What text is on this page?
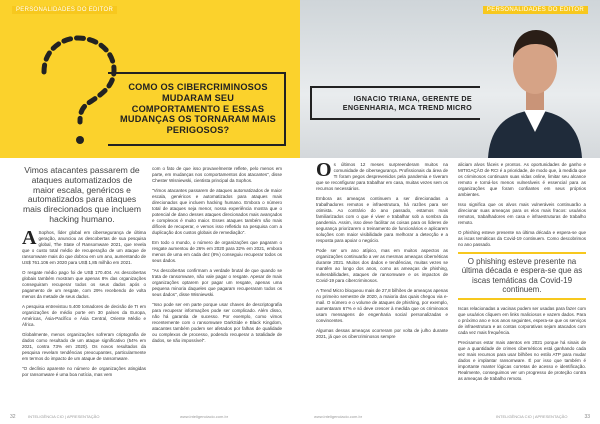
PERSONALIDADES DO EDITOR
COMO OS CIBERCRIMINOSOS MUDARAM SEU COMPORTAMENTO E ESSAS MUDANÇAS OS TORNARAM MAIS PERIGOSOS?
Vimos atacantes passarem de ataques automatizados de maior escala, genéricos e automatizados para ataques mais direcionados que incluem hacking humano.

A Sophos, líder global em cibersegurança de última geração, anunciou as descobertas de sua pesquisa global, The State of Ransomware 2021, que revela que o custo total médio de recuperação de um ataque de ransomware mais do que dobrou em um ano, aumentando de US$ 761.106 em 2020 para US$ 1,85 milhão em 2021.

O resgate médio pago foi de US$ 170.404. As descobertas globais também mostram que apenas 8% das organizações conseguiram recuperar todos os seus dados após o pagamento de um resgate, com 29% recebendo de volta menos da metade de seus dados.

A pesquisa entrevistou 5.400 tomadores de decisão de TI em organizações de médio porte em 30 países da Europa, Américas, Ásia-Pacífico e Ásia Central, Oriente Médio e África.

Globalmente, menos organizações sofreram criptografia de dados como resultado de um ataque significativo (54% em 2021, contra 73% em 2020). Os novos resultados da pesquisa revelam tendências preocupantes, particularmente em termos do impacto de um ataque de ransomware.

"O declínio aparente no número de organizações atingidas por ransomware é uma boa notícia, mas vem

com o fato de que isso provavelmente reflete, pelo menos em parte, em mudanças nos comportamentos dos atacantes", disse Chester Wisniewski, cientista principal da Sophos.

"Vimos atacantes passarem de ataques automatizados de maior escala, genéricos e automatizados para ataques mais direcionados que incluem hacking humano. Embora o número total de ataques seja menor, nossa experiência mostra que o potencial de dano desses ataques direcionados mais avançados e complexos é muito maior. Esses ataques também são mais difíceis de recuperar, e vemos isso refletido na pesquisa com a duplicação dos custos globais de remediação".

Em todo o mundo, o número de organizações que pagaram o resgate aumentou de 26% em 2020 para 32% em 2021, embora menos de uma em cada dez (8%) conseguiu recuperar todos os seus dados.

"As descobertas confirmam a verdade brutal de que quando se trata de ransomware, não vale pagar o resgate. Apesar de mais organizações optarem por pagar um resgate, apenas uma pequena minoria daqueles que pagaram recuperaram todos os seus dados", disse Wisniewski.

"Isso pode ser em parte porque usar chaves de descriptografia para recuperar informações pode ser complicado. Além disso, não há garantia de sucesso. Por exemplo, como vimos recentemente com o ransomware DarkSide e Black Kingdom, atacantes também podem ser afetados por falhas de qualidade ou complexos de processo, podendo recuperar a totalidade de dados, se não impossível".

32	INTELIGÊNCIA CIO | APRESENTAÇÃO	www.inteligenciacio.com.br
PERSONALIDADES DO EDITOR
IGNACIO TRIANA, GERENTE DE ENGENHARIA, MCA TREND MICRO

Os últimos 12 meses surpreenderam muitos na comunidade de cibersegurança. Profissionais da área de TI foram pegos desprevenidos pela pandemia e tiveram que se reconfigurar para trabalhar em casa, muitas vezes sem os recursos necessários.

Embora as ameaças continuem a ser direcionadas a trabalhadores remotos e infraestrutura, há razões para ser otimista. Ao contrário do ano passado, estamos mais familiarizados com o que é viver e trabalhar sob a sombra da pandemia. Assim, isso deve facilitar as coisas para os líderes de segurança priorizarem o treinamento de funcionários e aplicarem soluções com maior visibilidade para melhorar a detecção e a resposta para apoiar o negócio.

Pode ser um ano atípico, mas em muitos aspectos as organizações continuarão a ver as mesmas ameaças cibernéticas durante 2021. Muitos dos dados e tendências, muitas vezes se mantêm ao longo dos anos, como as ameaças de phishing, vulnerabilidades, ataques de ransomware e os impactos de Covid-19 para cibercriminosos.

A Trend Micro bloqueou mais de 27,8 bilhões de ameaças apenas no primeiro semestre de 2020, a maioria das quais chegou via e-mail. O número e o volume de ataques de phishing, por exemplo, aumentaram 67% e só deve crescer à medida que os criminosos usam mensagens de engenharia social personalizadas e convincentes.

Algumas dessas ameaças ocorreram por volta de julho durante 2021, já que os cibercriminosos sempre

aliciam alvos fáceis e prontos. As oportunidades de ganho e MITIGAÇÃO de RCI é a prioridade, de modo que, à medida que os criminosos continuam suas vidas online, limitar seu alcance remoto e torná-los menos vulneráveis é essencial para as organizações que foram confiantes em seus próprios ambientes.

Isso significa que os alvos mais vulneráveis continuarão a direcionar suas ameaças para os elos mais fracos: usuários remotos, trabalhadores em casa e infraestruturas de trabalho remoto.

O phishing esteve presente na última década e espera-se que as iscas temáticas da Covid-19 continuem. Como descobrimos no ano passado.

O phishing esteve presente na última década e espera-se que as iscas temáticas da Covid-19 continuem.

Iscas relacionadas a vacinas podem ser usadas para fazer com que usuários cliquem em links maliciosos e vazem dados. Para o próximo ano e nos anos seguintes, espera-se que os serviços de infraestrutura e as contas corporativas sejam atacados com cada vez mais frequência.

Precisamos estar mais atentos em 2021 porque há sinais de que a quantidade de crimes cibernéticos está ganhando cada vez mais recursos para usar bilhões no estilo ATP para mudar dados e implantar ransomware. É por isso que também é importante manter lógicas corretas de acesso e identificação. Realmente, conseguimos ver um progresso de proteção contra as ameaças de trabalho remoto.

www.inteligenciacio.com.br	INTELIGÊNCIA CIO | APRESENTAÇÃO	33
